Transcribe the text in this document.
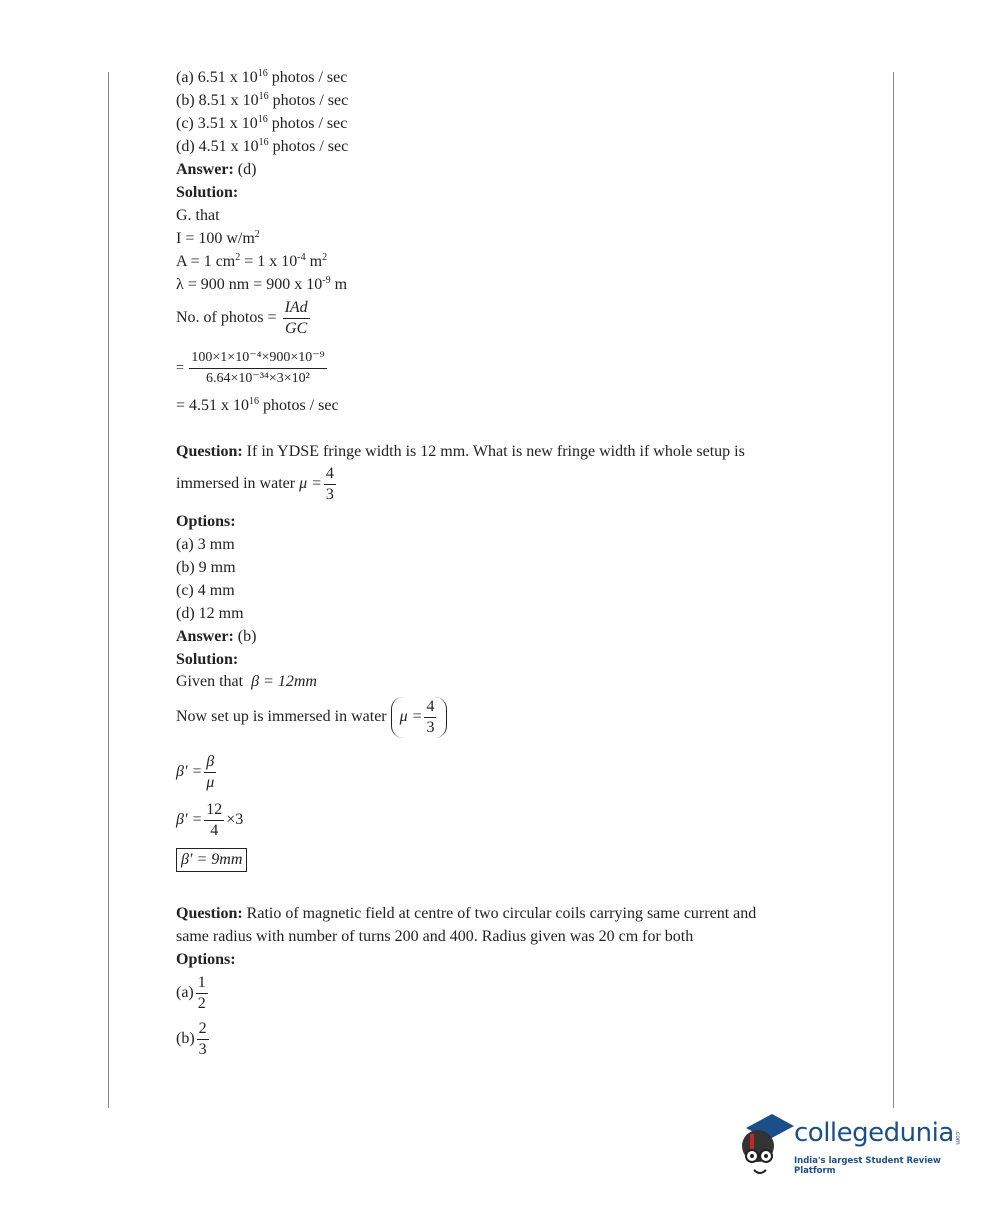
(a) 6.51 x $10^{16}$ photos / sec
(b) 8.51 x $10^{16}$ photos / sec
(c) 3.51 x $10^{16}$ photos / sec
(d) 4.51 x $10^{16}$ photos / sec
Answer: (d)
Solution:
G. that
I = 100 $w/m^2$
A = 1 $cm^2 = 1$ x $10^{-4}$ $m^2$
λ = 900 nm = 900 x $10^{-9}$ m
No. of photos = $\frac{\text{IAd}}{GC}$
= $\frac{\text{100×1×10⁻⁴×900×10⁻⁹}}{\text{6.64×10⁻³⁴×3×10²}}$
= 4.51 x $10^{16}$ photos / sec
Question: If in YDSE fringe width is 12 mm. What is new fringe width if whole setup is
immersed in water $\mu = \frac{4}{3}$
Options:
(a) 3 mm
(b) 9 mm
(c) 4 mm
(d) 12 mm
Answer: (b)
Solution:
Given that β = 12mm
Now set up is immersed in water $\mu = \frac{4}{3}$
$\beta' = \frac{\beta}{\mu}$
$\beta' = \frac{12}{4} \times 3$
β′ = 9mm
Question: Ratio of magnetic field at centre of two circular coils carrying same current and
same radius with number of turns 200 and 400. Radius given was 20 cm for both
Options:
$(a) \frac{1}{2}$
$(b) \frac{2}{3}$
collegedunia .com
India's largest Student Review Platform
